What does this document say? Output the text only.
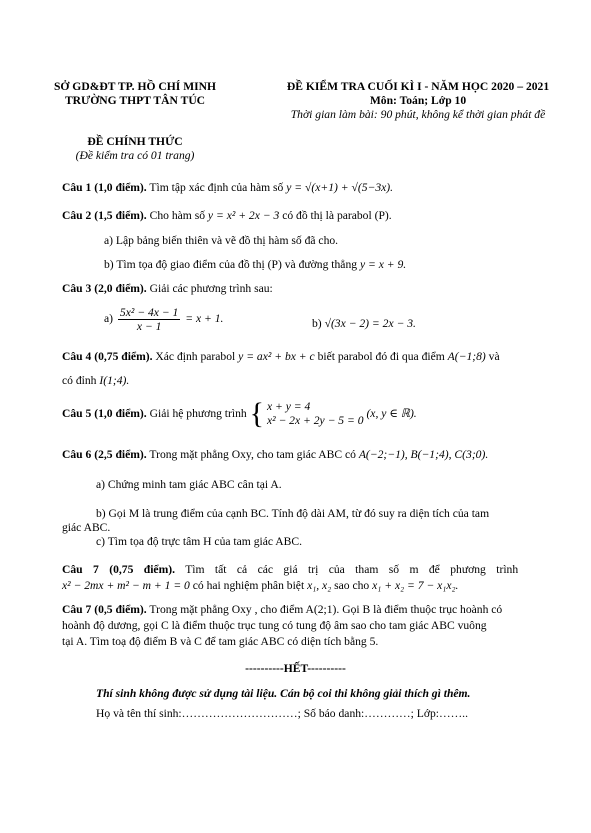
SỞ GD&ĐT TP. HỒ CHÍ MINH
TRƯỜNG THPT TÂN TÚC
ĐỀ KIỂM TRA CUỐI KÌ I - NĂM HỌC 2020 – 2021
Môn: Toán; Lớp 10
Thời gian làm bài: 90 phút, không kể thời gian phát đề
ĐỀ CHÍNH THỨC
(Đề kiểm tra có 01 trang)
Câu 1 (1,0 điểm). Tìm tập xác định của hàm số y = √(x+1) + √(5−3x).
Câu 2 (1,5 điểm). Cho hàm số y = x² + 2x − 3 có đồ thị là parabol (P).
a) Lập bảng biến thiên và vẽ đồ thị hàm số đã cho.
b) Tìm tọa độ giao điểm của đồ thị (P) và đường thẳng y = x + 9.
Câu 3 (2,0 điểm). Giải các phương trình sau:
$a) \frac{\text{5x² − 4x − 1}}{x - 1} = x + 1$.	b) √(3x − 2) = 2x − 3.
Câu 4 (0,75 điểm). Xác định parabol y = ax² + bx + c biết parabol đó đi qua điểm A(−1;8) và
có đỉnh I(1;4).
Câu 5 (1,0 điểm). Giải hệ phương trình { x + y = 4
x² − 2x + 2y − 5 = 0
(x, y ∈ ℝ).
Câu 6 (2,5 điểm). Trong mặt phẳng Oxy, cho tam giác ABC có A(−2;−1), B(−1;4), C(3;0).
a) Chứng minh tam giác ABC cân tại A.
b) Gọi M là trung điểm của cạnh BC. Tính độ dài AM, từ đó suy ra diện tích của tam
giác ABC.
c) Tìm tọa độ trực tâm H của tam giác ABC.
Câu 7 (0,75 điểm). Tìm tất cả các giá trị của tham số m để phương trình
x² − 2mx + m² − m + 1 = 0 có hai nghiệm phân biệt x₁, x₂ sao cho x₁ + x₂ = 7 − x₁x₂.
Câu 7 (0,5 điểm). Trong mặt phẳng Oxy , cho điểm A(2;1). Gọi B là điểm thuộc trục hoành có
hoành độ dương, gọi C là điểm thuộc trục tung có tung độ âm sao cho tam giác ABC vuông
tại A. Tìm toạ độ điểm B và C để tam giác ABC có diện tích bằng 5.
----------HẾT----------
Thí sinh không được sử dụng tài liệu. Cán bộ coi thi không giải thích gì thêm.
Họ và tên thí sinh:…………………………; Số báo danh:…………; Lớp:……..
